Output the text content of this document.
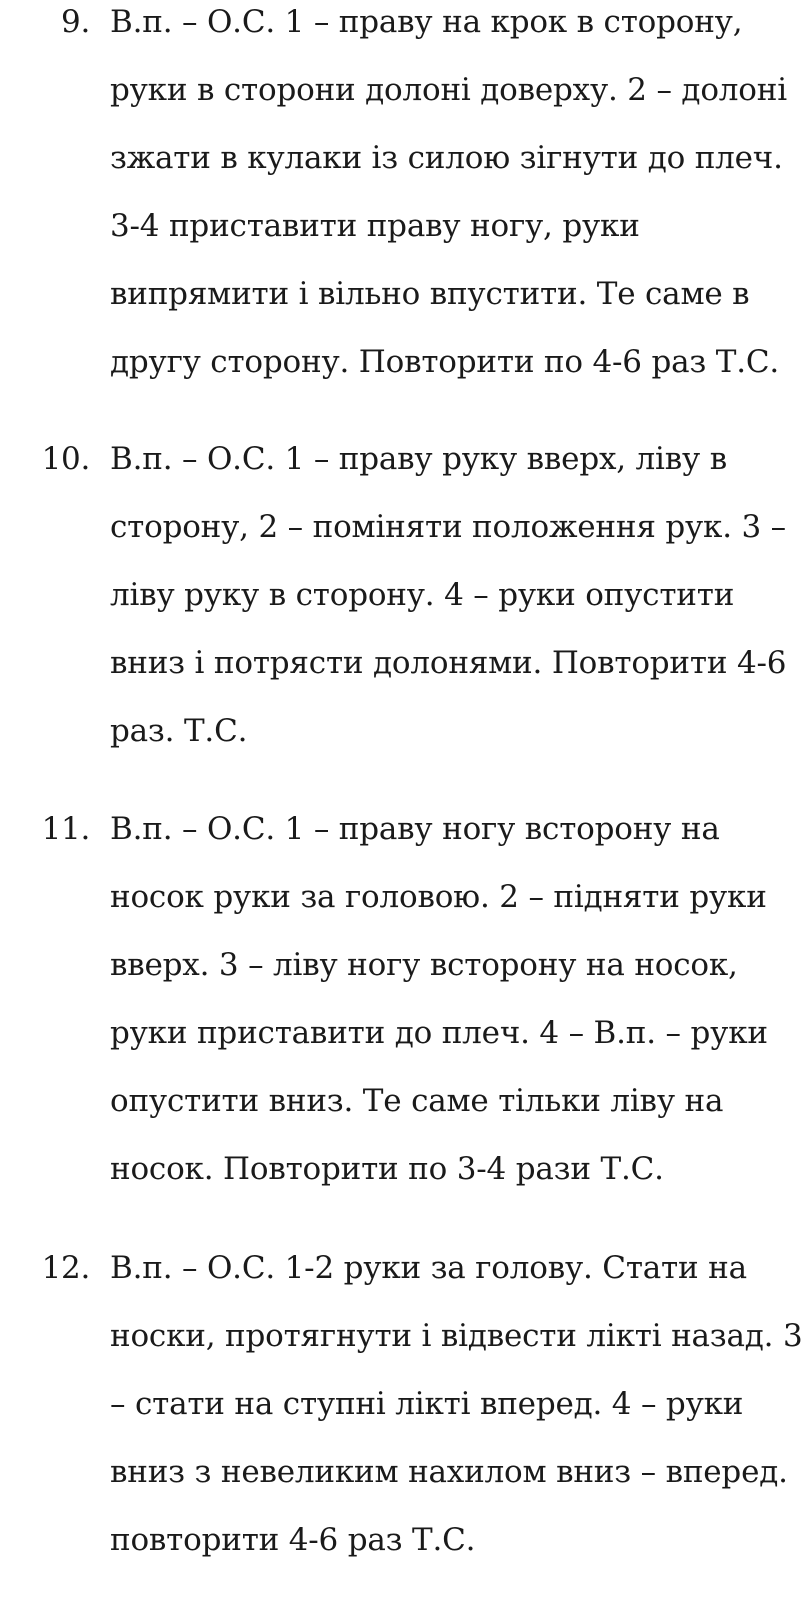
9. В.п. – О.С. 1 – праву на крок в сторону,
руки в сторони долоні доверху. 2 – долоні
зжати в кулаки із силою зігнути до плеч.
3-4 приставити праву ногу, руки
випрямити і вільно впустити. Те саме в
другу сторону. Повторити по 4-6 раз Т.С.
10. В.п. – О.С. 1 – праву руку вверх, ліву в
сторону, 2 – поміняти положення рук. 3 –
ліву руку в сторону. 4 – руки опустити
вниз і потрясти долонями. Повторити 4-6
раз. Т.С.
11. В.п. – О.С. 1 – праву ногу всторону на
носок руки за головою. 2 – підняти руки
вверх. 3 – ліву ногу всторону на носок,
руки приставити до плеч. 4 – В.п. – руки
опустити вниз. Те саме тільки ліву на
носок. Повторити по 3-4 рази Т.С.
12. В.п. – О.С. 1-2 руки за голову. Стати на
носки, протягнути і відвести лікті назад. 3
– стати на ступні лікті вперед. 4 – руки
вниз з невеликим нахилом вниз – вперед.
повторити 4-6 раз Т.С.
